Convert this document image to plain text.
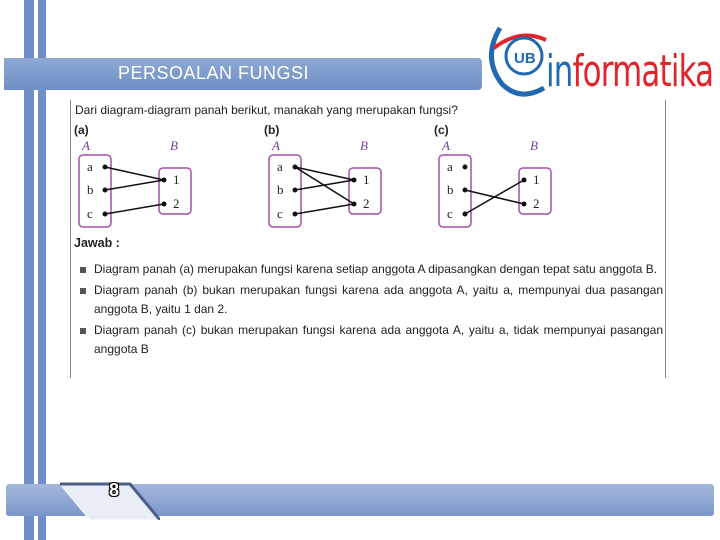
PERSOALAN FUNGSI
UB informatika
Dari diagram-diagram panah berikut, manakah yang merupakan fungsi?
(a)
A	B
a
b
c
1
2
(b)
A	B
a
b
c
1
2
(c)
A	B
a
b
c
1
2
Jawab :
Diagram panah (a) merupakan fungsi karena setiap anggota A dipasangkan dengan tepat satu anggota B.
Diagram panah (b) bukan merupakan fungsi karena ada anggota A, yaitu a, mempunyai dua pasangan anggota B, yaitu 1 dan 2.
Diagram panah (c) bukan merupakan fungsi karena ada anggota A, yaitu a, tidak mempunyai pasangan anggota B
8
